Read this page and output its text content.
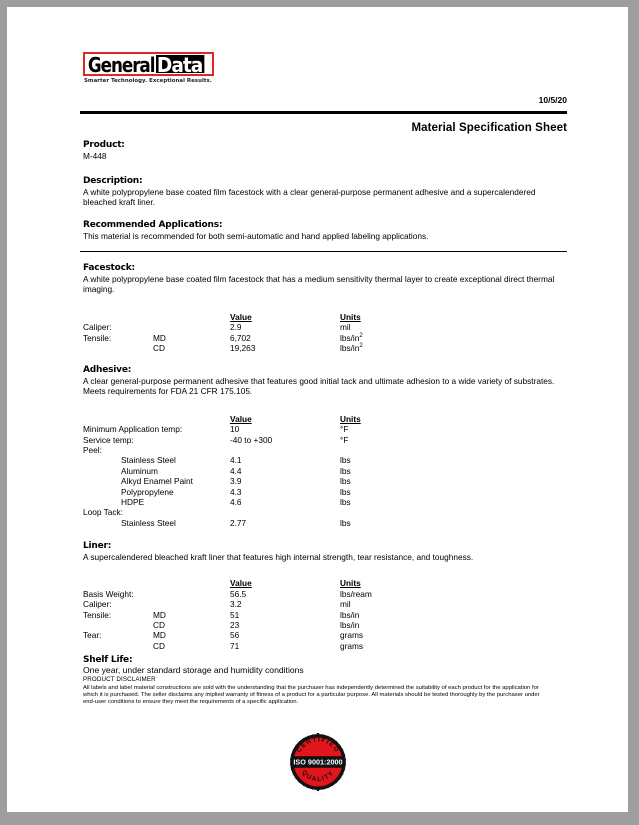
General Data
Smarter Technology. Exceptional Results.
10/5/20
Material Specification Sheet
Product:
M-448
Description:
A white polypropylene base coated film facestock with a clear general-purpose permanent adhesive and a supercalendered bleached kraft liner.
Recommended Applications:
This material is recommended for both semi-automatic and hand applied labeling applications.
Facestock:
A white polypropylene base coated film facestock that has a medium sensitivity thermal layer to create exceptional direct thermal imaging.
		Value	Units
Caliper:		2.9	mil
Tensile:	MD	6,702	lbs/$in^2$
	CD	19,263	lbs/$in^2$
Adhesive:
A clear general-purpose permanent adhesive that features good initial tack and ultimate adhesion to a wide variety of substrates. Meets requirements for FDA 21 CFR 175.105.
		Value	Units
Minimum Application temp:		10	°F
Service temp:		-40 to +300	°F
Peel:			
Stainless Steel		4.1	lbs
Aluminum		4.4	lbs
Alkyd Enamel Paint		3.9	lbs
Polypropylene		4.3	lbs
HDPE		4.6	lbs
Loop Tack:			
Stainless Steel		2.77	lbs
Liner:
A supercalendered bleached kraft liner that features high internal strength, tear resistance, and toughness.
		Value	Units
Basis Weight:		56.5	lbs/ream
Caliper:		3.2	mil
Tensile:	MD	51	lbs/in
	CD	23	lbs/in
Tear:	MD	56	grams
	CD	71	grams
Shelf Life:
One year, under standard storage and humidity conditions
PRODUCT DISCLAIMER
All labels and label material constructions are sold with the understanding that the purchaser has independently determined the suitability of each product for the application for which it is purchased. The seller disclaims any implied warranty of fitness of a product for a particular purpose. All materials should be tested thoroughly by the purchaser under end-user conditions to ensure they meet the requirements of a specific application.
ISO 9001:2000
CERTIFIED
QUALITY
